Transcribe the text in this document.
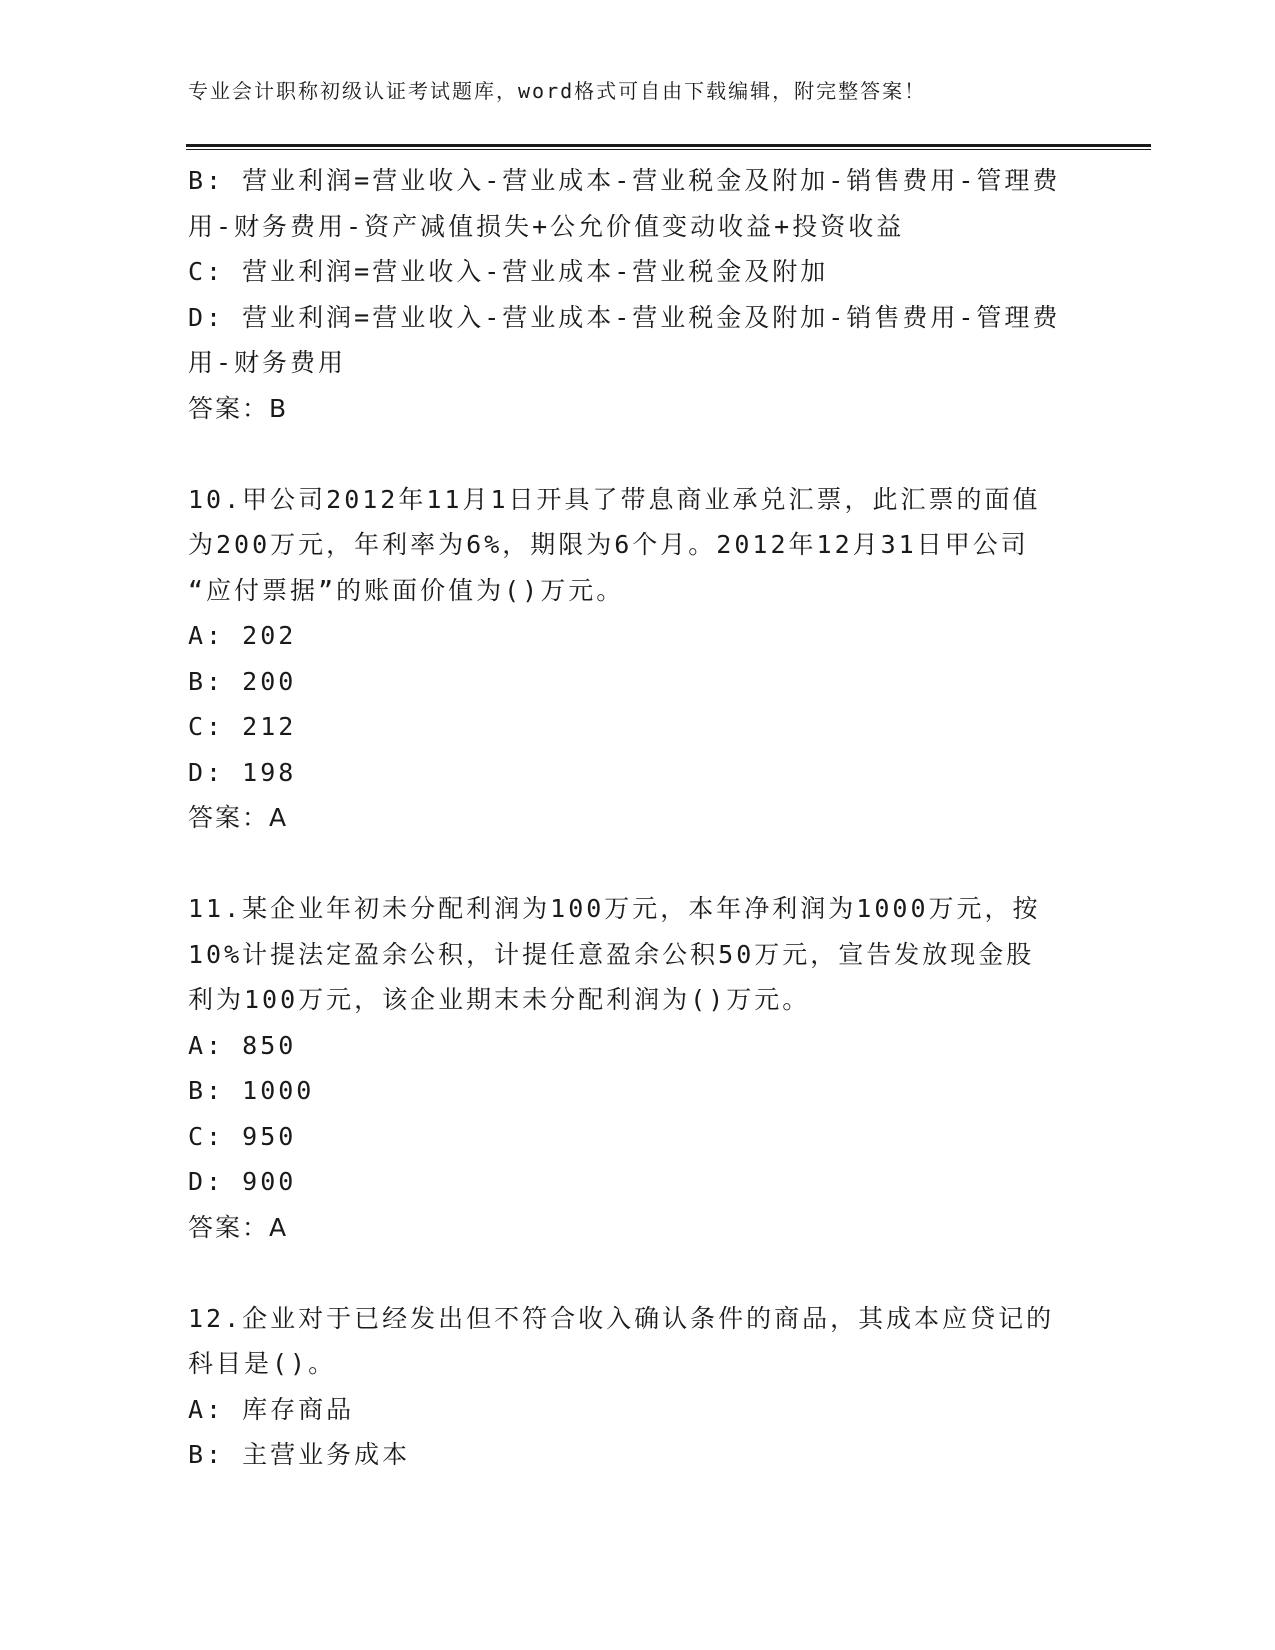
专业会计职称初级认证考试题库，word格式可自由下载编辑，附完整答案！
B: 营业利润=营业收入-营业成本-营业税金及附加-销售费用-管理费
用-财务费用-资产减值损失+公允价值变动收益+投资收益
C: 营业利润=营业收入-营业成本-营业税金及附加
D: 营业利润=营业收入-营业成本-营业税金及附加-销售费用-管理费
用-财务费用
答案：B
10.甲公司2012年11月1日开具了带息商业承兑汇票，此汇票的面值
为200万元，年利率为6%，期限为6个月。2012年12月31日甲公司
“应付票据”的账面价值为()万元。
A: 202
B: 200
C: 212
D: 198
答案：A
11.某企业年初未分配利润为100万元，本年净利润为1000万元，按
10%计提法定盈余公积，计提任意盈余公积50万元，宣告发放现金股
利为100万元，该企业期末未分配利润为()万元。
A: 850
B: 1000
C: 950
D: 900
答案：A
12.企业对于已经发出但不符合收入确认条件的商品，其成本应贷记的
科目是()。
A: 库存商品
B: 主营业务成本
